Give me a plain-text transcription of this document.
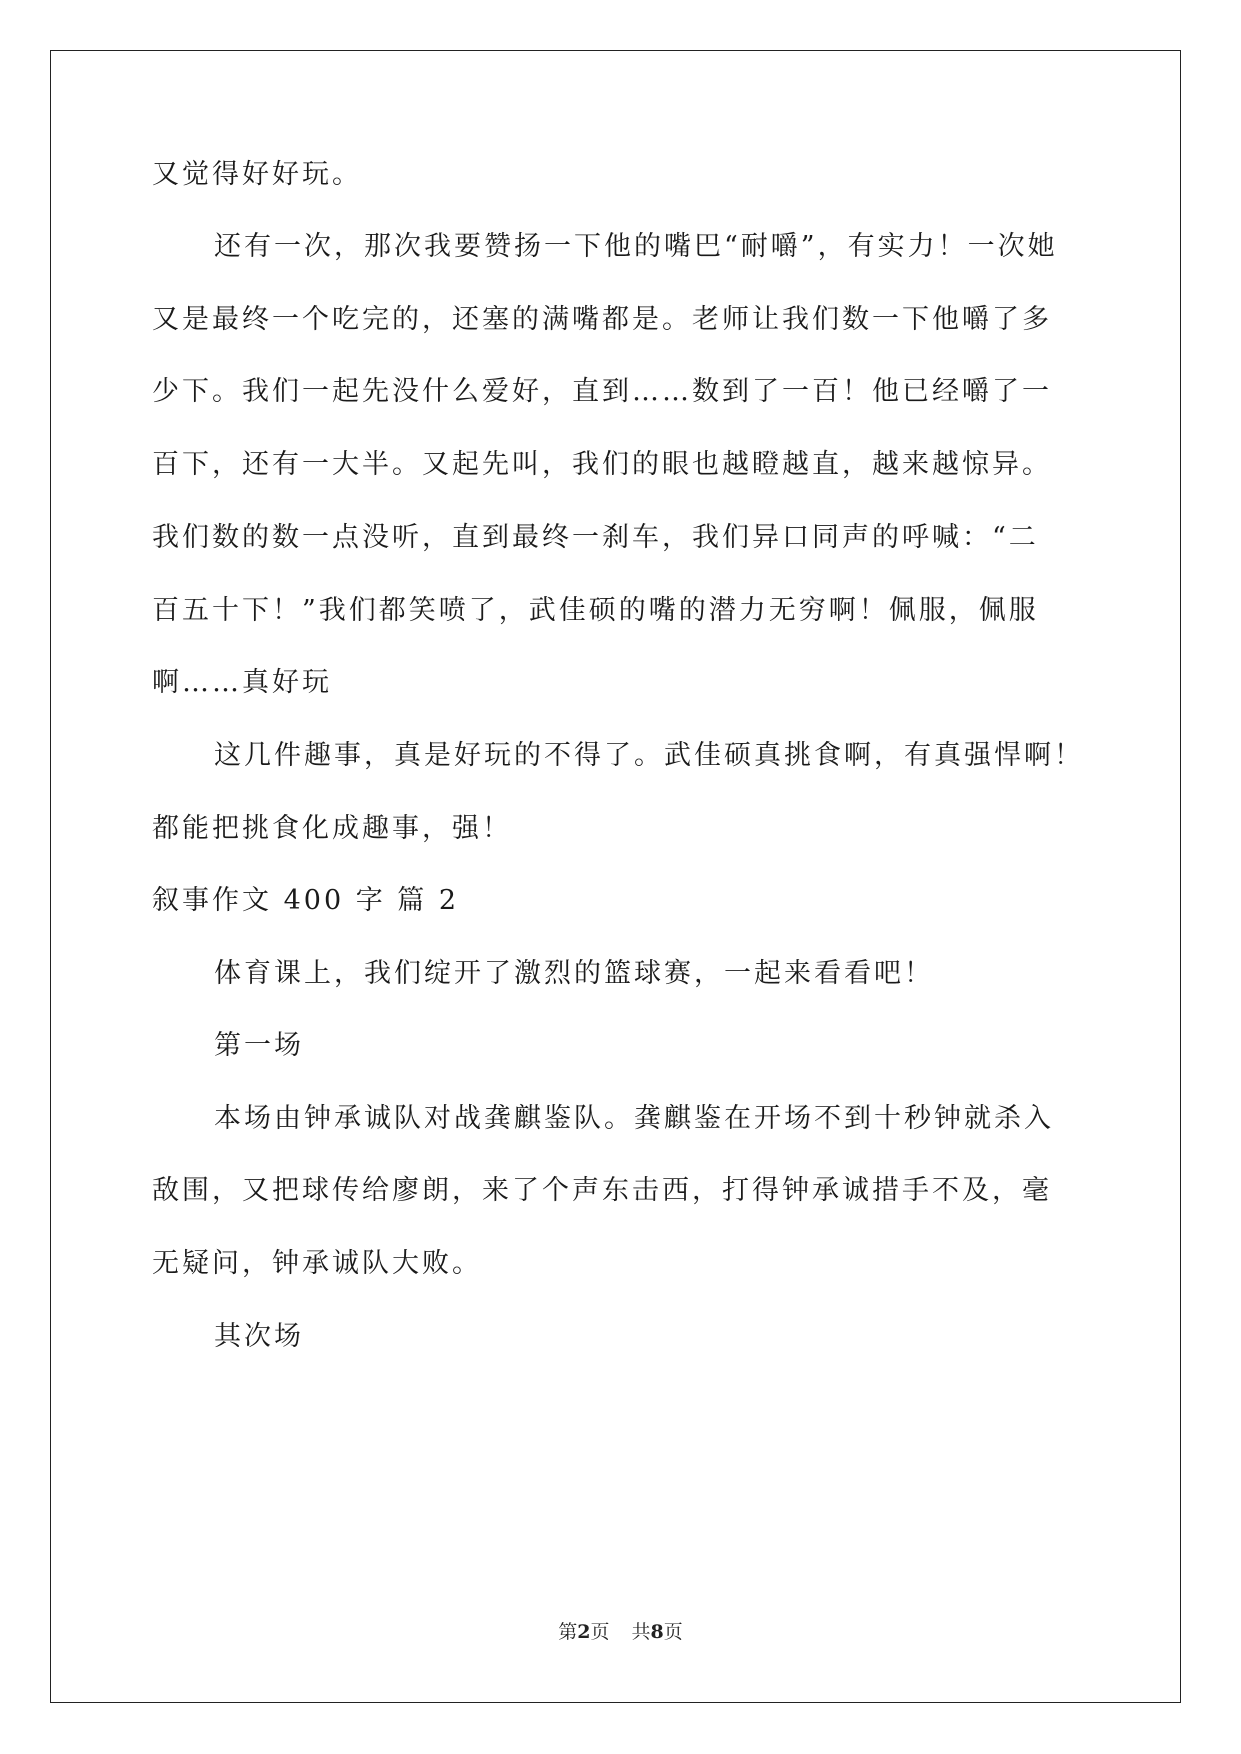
又觉得好好玩。
还有一次，那次我要赞扬一下他的嘴巴“耐嚼”，有实力！一次她
又是最终一个吃完的，还塞的满嘴都是。老师让我们数一下他嚼了多
少下。我们一起先没什么爱好，直到……数到了一百！他已经嚼了一
百下，还有一大半。又起先叫，我们的眼也越瞪越直，越来越惊异。
我们数的数一点没听，直到最终一刹车，我们异口同声的呼喊：“二
百五十下！”我们都笑喷了，武佳硕的嘴的潜力无穷啊！佩服，佩服
啊……真好玩
这几件趣事，真是好玩的不得了。武佳硕真挑食啊，有真强悍啊！
都能把挑食化成趣事，强！
叙事作文 400 字 篇 2
体育课上，我们绽开了激烈的篮球赛，一起来看看吧！
第一场
本场由钟承诚队对战龚麒鉴队。龚麒鉴在开场不到十秒钟就杀入
敌围，又把球传给廖朗，来了个声东击西，打得钟承诚措手不及，毫
无疑问，钟承诚队大败。
其次场
第2页 共8页
